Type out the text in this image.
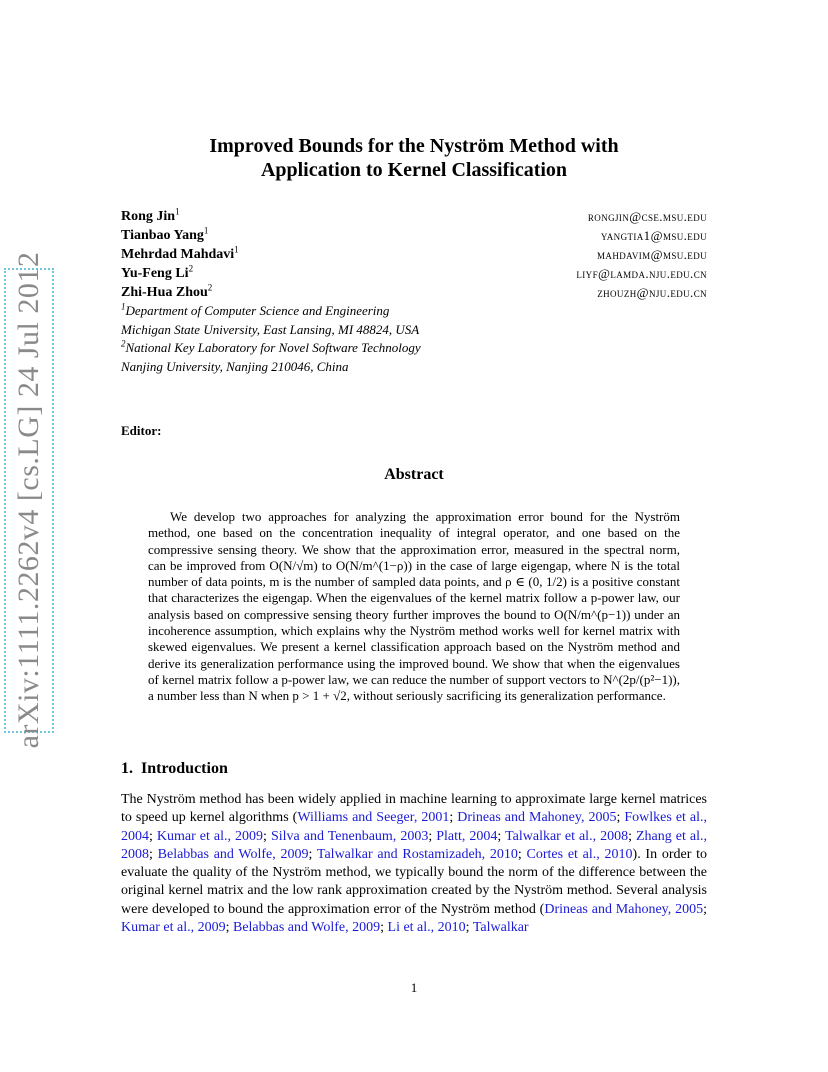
arXiv:1111.2262v4 [cs.LG] 24 Jul 2012
Improved Bounds for the Nyström Method with
Application to Kernel Classification
Rong Jin$^1$	rongjin@cse.msu.edu
Tianbao Yang$^1$	yangtia1@msu.edu
Mehrdad Mahdavi$^1$	mahdavim@msu.edu
Yu-Feng Li$^2$	liyf@lamda.nju.edu.cn
Zhi-Hua Zhou$^2$	zhouzh@nju.edu.cn
$^1$Department of Computer Science and Engineering
Michigan State University, East Lansing, MI 48824, USA
$^2$National Key Laboratory for Novel Software Technology
Nanjing University, Nanjing 210046, China
Editor:
Abstract
We develop two approaches for analyzing the approximation error bound for the Nyström method, one based on the concentration inequality of integral operator, and one based on the compressive sensing theory. We show that the approximation error, measured in the spectral norm, can be improved from O(N/√m) to O(N/m^(1−ρ)) in the case of large eigengap, where N is the total number of data points, m is the number of sampled data points, and ρ ∈ (0, 1/2) is a positive constant that characterizes the eigengap. When the eigenvalues of the kernel matrix follow a p-power law, our analysis based on compressive sensing theory further improves the bound to O(N/m^(p−1)) under an incoherence assumption, which explains why the Nyström method works well for kernel matrix with skewed eigenvalues. We present a kernel classification approach based on the Nyström method and derive its generalization performance using the improved bound. We show that when the eigenvalues of kernel matrix follow a p-power law, we can reduce the number of support vectors to N^(2p/(p²−1)), a number less than N when p > 1 + √2, without seriously sacrificing its generalization performance.
1. Introduction
The Nyström method has been widely applied in machine learning to approximate large kernel matrices to speed up kernel algorithms (Williams and Seeger, 2001; Drineas and Mahoney, 2005; Fowlkes et al., 2004; Kumar et al., 2009; Silva and Tenenbaum, 2003; Platt, 2004; Talwalkar et al., 2008; Zhang et al., 2008; Belabbas and Wolfe, 2009; Talwalkar and Rostamizadeh, 2010; Cortes et al., 2010). In order to evaluate the quality of the Nyström method, we typically bound the norm of the difference between the original kernel matrix and the low rank approximation created by the Nyström method. Several analysis were developed to bound the approximation error of the Nyström method (Drineas and Mahoney, 2005; Kumar et al., 2009; Belabbas and Wolfe, 2009; Li et al., 2010; Talwalkar
1
